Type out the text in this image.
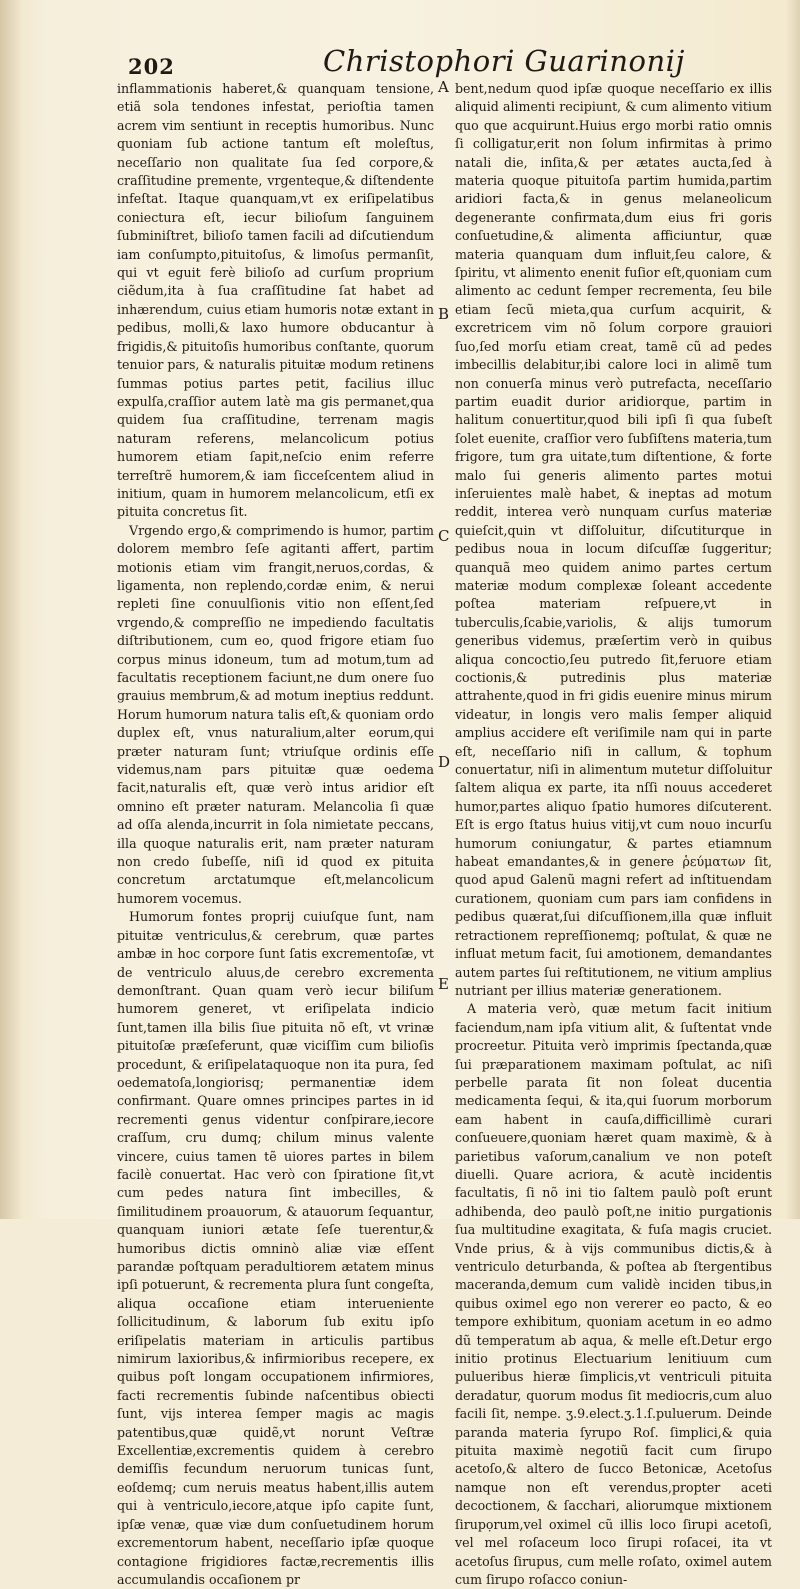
202	Christophori Guarinonij

inflammationis haberet,& quanquam tensione, etiã sola tendones infestat, perioſtia tamen acrem vim sentiunt in receptis humoribus. Nunc quoniam ſub actione tantum eſt moleſtus, neceſſario non qualitate ſua ſed corpore,& craſſitudine premente, vrgenteque,& diſtendente infeſtat. Itaque quanquam,vt ex eriſipelatibus coniectura eſt, iecur bilioſum ſanguinem ſubminiſtret, bilioſo tamen facili ad diſcutiendum iam conſumpto,pituitoſus, & limoſus permanſit, qui vt eguit ferè bilioſo ad curſum proprium ciẽdum,ita à ſua craſſitudine ſat habet ad inhærendum, cuius etiam humoris notæ extant in pedibus, molli,& laxo humore obducantur à frigidis,& pituitoſis humoribus conſtante, quorum tenuior pars, & naturalis pituitæ modum retinens ſummas potius partes petit, facilius illuc expulſa,craſſior autem latè ma gis permanet,qua quidem ſua craſſitudine, terrenam magis naturam referens, melancolicum potius humorem etiam ſapit,neſcio enim referre terreſtrẽ humorem,& iam ſicceſcentem aliud in initium, quam in humorem melancolicum, etſi ex pituita concretus ſit.

Vrgendo ergo,& comprimendo is humor, partim dolorem membro ſeſe agitanti affert, partim motionis etiam vim frangit,neruos,cordas, & ligamenta, non replendo,cordæ enim, & nerui repleti ſine conuulſionis vitio non eſſent,ſed vrgendo,& compreſſio ne impediendo facultatis diſtributionem, cum eo, quod frigore etiam ſuo corpus minus idoneum, tum ad motum,tum ad facultatis receptionem faciunt,ne dum onere ſuo grauius membrum,& ad motum ineptius reddunt. Horum humorum natura talis eſt,& quoniam ordo duplex eſt, vnus naturalium,alter eorum,qui præter naturam ſunt; vtriuſque ordinis eſſe videmus,nam pars pituitæ quæ oedema facit,naturalis eſt, quæ verò intus aridior eſt omnino eſt præter naturam. Melancolia ſi quæ ad oſſa alenda,incurrit in ſola nimietate peccans, illa quoque naturalis erit, nam præter naturam non credo ſubeſſe, niſi id quod ex pituita concretum arctatumque eſt,melancolicum humorem vocemus.

Humorum fontes proprij cuiuſque ſunt, nam pituitæ ventriculus,& cerebrum, quæ partes ambæ in hoc corpore ſunt ſatis excrementoſæ, vt de ventriculo aluus,de cerebro excrementa demonſtrant. Quan quam verò iecur biliſum humorem generet, vt eriſipelata indicio ſunt,tamen illa bilis ſiue pituita nõ eſt, vt vrinæ pituitoſæ præſeferunt, quæ viciſſim cum bilioſis procedunt, & eriſipelataquoque non ita pura, ſed oedematoſa,longiorisq; permanentiæ idem confirmant. Quare omnes principes partes in id recrementi genus videntur conſpirare,iecore craſſum, cru dumq; chilum minus valente vincere, cuius tamen tẽ uiores partes in bilem facilè conuertat. Hac verò con ſpiratione ſit,vt cum pedes natura ſint imbecilles, & ſimilitudinem proauorum, & atauorum ſequantur, quanquam iuniori ætate ſeſe tuerentur,& humoribus dictis omninò aliæ viæ eſſent parandæ poſtquam peradultiorem ætatem minus ipſi potuerunt, & recrementa plura ſunt congeſta, aliqua occaſione etiam interueniente ſollicitudinum, & laborum ſub exitu ipſo eriſipelatis materiam in articulis partibus nimirum laxioribus,& infirmioribus recepere, ex quibus poſt longam occupationem infirmiores, facti recrementis ſubinde naſcentibus obiecti ſunt, vijs interea ſemper magis ac magis patentibus,quæ quidẽ,vt norunt Veſtræ Excellentiæ,excrementis quidem à cerebro demiſſis fecundum neruorum tunicas ſunt, eoſdemq; cum neruis meatus habent,illis autem qui à ventriculo,iecore,atque ipſo capite ſunt, ipſæ venæ, quæ viæ dum conſuetudinem horum excrementorum habent, neceſſario ipſæ quoque contagione frigidiores factæ,recrementis illis accumulandis occaſionem pr

A
B
C
D
E

bent,nedum quod ipſæ quoque neceſſario ex illis aliquid alimenti recipiunt, & cum alimento vitium quo que acquirunt.Huius ergo morbi ratio omnis ſi colligatur,erit non ſolum infirmitas à primo natali die, inſita,& per ætates aucta,ſed à materia quoque pituitoſa partim humida,partim aridiori facta,& in genus melaneolicum degenerante confirmata,dum eius fri goris conſuetudine,& alimenta afficiuntur, quæ materia quanquam dum influit,ſeu calore, & ſpiritu, vt alimento enenit fuſior eſt,quoniam cum alimento ac cedunt ſemper recrementa, ſeu bile etiam ſecũ mieta,qua curſum acquirit, & excretricem vim nõ ſolum corpore grauiori ſuo,ſed morſu etiam creat, tamẽ cũ ad pedes imbecillis delabitur,ibi calore loci in alimẽ tum non conuerſa minus verò putrefacta, neceſſario partim euadit durior aridiorque, partim in halitum conuertitur,quod bili ipſi ſi qua ſubeſt ſolet euenite, craſſior vero ſubſiſtens materia,tum frigore, tum gra uitate,tum diſtentione, & forte malo ſui generis alimento partes motui inſeruientes malè habet, & ineptas ad motum reddit, interea verò nunquam curſus materiæ quieſcit,quin vt diſſoluitur, diſcutiturque in pedibus noua in locum diſcuſſæ ſuggeritur; quanquã meo quidem animo partes certum materiæ modum complexæ ſoleant accedente poſtea materiam reſpuere,vt in tuberculis,ſcabie,variolis, & alijs tumorum generibus videmus, præſertim verò in quibus aliqua concoctio,ſeu putredo ſit,feruore etiam coctionis,& putredinis plus materiæ attrahente,quod in fri gidis euenire minus mirum videatur, in longis vero malis ſemper aliquid amplius accidere eſt veriſimile nam qui in parte eſt, neceſſario niſi in callum, & tophum conuertatur, niſi in alimentum mutetur diſſoluitur ſaltem aliqua ex parte, ita nſſi nouus accederet humor,partes aliquo ſpatio humores diſcuterent. Eſt is ergo ſtatus huius vitij,vt cum nouo incurſu humorum coniungatur, & partes etiamnum habeat emandantes,& in genere ῥεύματων ſit, quod apud Galenũ magni refert ad inſtituendam curationem, quoniam cum pars iam confidens in pedibus quærat,ſui diſcuſſionem,illa quæ influit retractionem repreſſionemq; poſtulat, & quæ ne influat metum facit, ſui amotionem, demandantes autem partes ſui reſtitutionem, ne vitium amplius nutriant per illius materiæ generationem.

A materia verò, quæ metum facit initium faciendum,nam ipſa vitium alit, & ſuſtentat vnde procreetur. Pituita verò imprimis ſpectanda,quæ ſui præparationem maximam poſtulat, ac niſi perbelle parata ſit non ſoleat ducentia medicamenta ſequi, & ita,qui ſuorum morborum eam habent in cauſa,difficillimè curari conſueuere,quoniam hæret quam maximè, & à parietibus vaſorum,canalium ve non poteſt diuelli. Quare acriora, & acutè incidentis facultatis, ſi nõ ini tio ſaltem paulò poſt erunt adhibenda, deo paulò poſt,ne initio purgationis ſua multitudine exagitata, & fuſa magis cruciet. Vnde prius, & à vijs communibus dictis,& à ventriculo deturbanda, & poſtea ab ſtergentibus maceranda,demum cum validè inciden tibus,in quibus oximel ego non vererer eo pacto, & eo tempore exhibitum, quoniam acetum in eo admo dũ temperatum ab aqua, & melle eſt.Detur ergo initio protinus Electuarium lenitiuum cum pulueribus hieræ ſimplicis,vt ventriculi pituita deradatur, quorum modus ſit mediocris,cum aluo facili ſit, nempe. ʒ.9.elect.ʒ.1.ſ.puluerum. Deinde paranda materia ſyrupo Roſ. ſimplici,& quia pituita maximè negotiũ facit cum ſirupo acetoſo,& altero de ſucco Betonicæ, Acetoſus namque non eſt verendus,propter aceti decoctionem, & ſacchari, aliorumque mixtionem ſirupọrum,vel oximel cũ illis loco ſirupi acetoſi, vel mel roſaceum loco ſirupi roſacei, ita vt acetoſus ſirupus, cum melle roſato, oximel autem cum ſirupo roſacco coniun-
